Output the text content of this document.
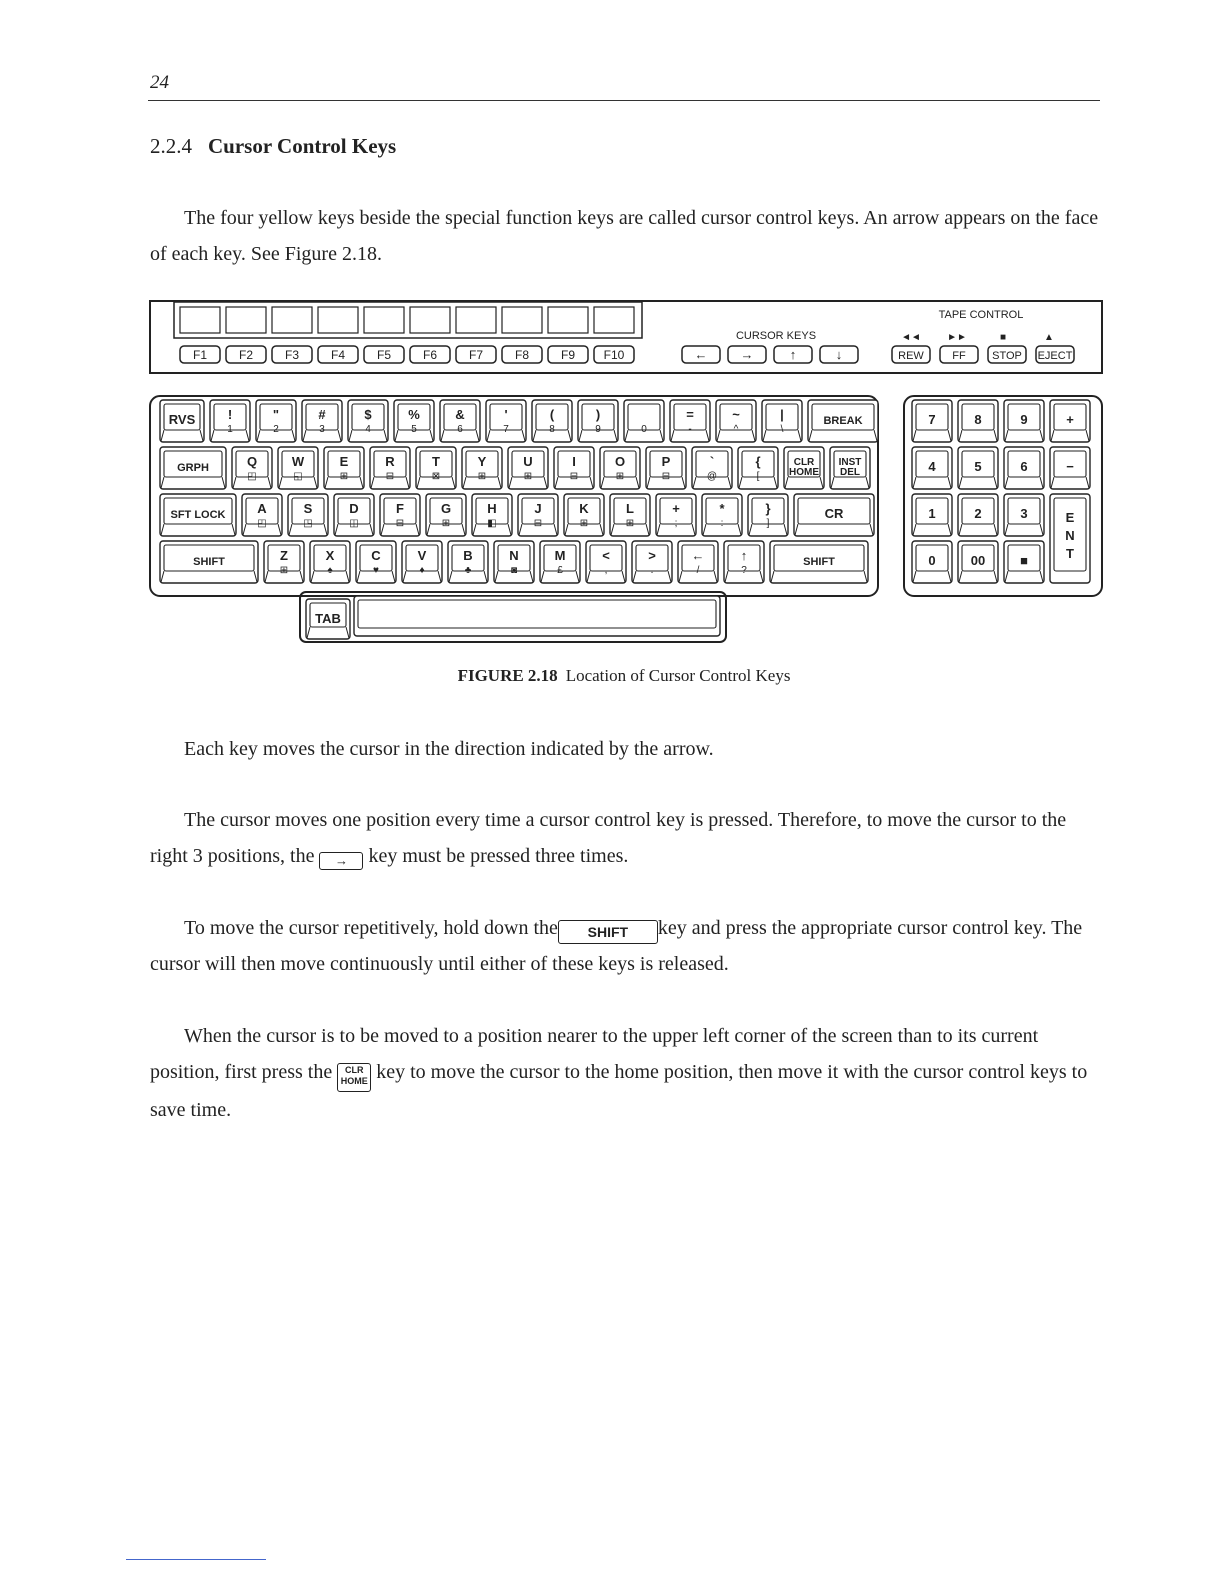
24
2.2.4 Cursor Control Keys
The four yellow keys beside the special function keys are called cursor control keys. An arrow appears on the face of each key. See Figure 2.18.
F1	F2	F3	F4	F5	F6	F7	F8	F9 F10
CURSOR KEYS
←	→	↑	↓
TAPE CONTROL
◄◄	►►	■	▲
REW	FF STOP EJECT
RVS	!
1
"
2
#
3
$
4
%
5
&
6
'
7
(
8
)
9	0
=
-
~
^
|
\
BREAK
GRPH	Q
◰
W
◱
E
⊞
R
⊟
T
⊠
Y
⊞
U
⊞
I
⊟
O
⊞
P
⊟
`
@
{
[
CLR
HOME
INST
DEL
SFT LOCK A
◰
S
◳
D
◫
F
⊟
G
⊞
H
◧
J
⊟
K
⊞
L
⊞
+
;
*
:
}
]
CR
SHIFT	Z
⊞
X
♠
C
♥
V
♦
B
♣
N
◙
M
£
<
,
>
.
←
/
↑
?
SHIFT
TAB
7	8	9	+
4	5	6	−
1	2	3
0	00	■
E
N
T
FIGURE 2.18 Location of Cursor Control Keys
Each key moves the cursor in the direction indicated by the arrow.
The cursor moves one position every time a cursor control key is pressed. Therefore, to move the cursor to the right 3 positions, the → key must be pressed three times.
To move the cursor repetitively, hold down the SHIFT key and press the appropriate cursor control key. The cursor will then move continuously until either of these keys is released.
When the cursor is to be moved to a position nearer to the upper left corner of the screen than to its current position, first press the CLR
HOME key to move the cursor to the home position, then move it with the cursor control keys to save time.
